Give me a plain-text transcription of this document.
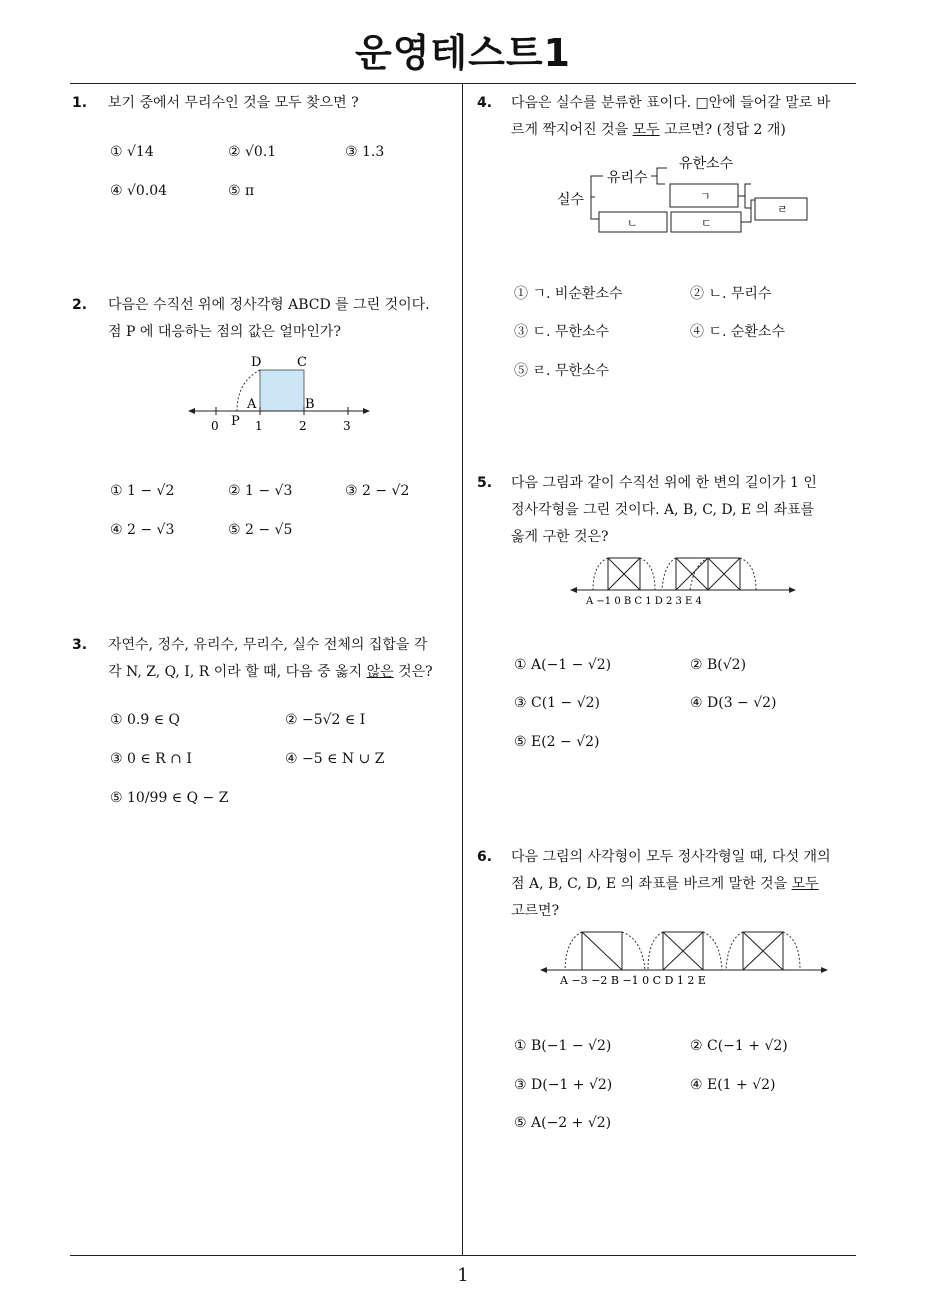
운영테스트1
1
1. 보기 중에서 무리수인 것을 모두 찾으면 ?
① √14	② √0.1	③ 1.3
④ √0.04	⑤ π
2. 다음은 수직선 위에 정사각형 ABCD 를 그린 것이다.
점 P 에 대응하는 점의 값은 얼마인가?
D	C
A	B
P
0	1	2	3
① 1 − √2	② 1 − √3	③ 2 − √2
④ 2 − √3	⑤ 2 − √5
3. 자연수, 정수, 유리수, 무리수, 실수 전체의 집합을 각
각 N, Z, Q, I, R 이라 할 때, 다음 중 옳지 않은 것은?
① 0.9̇ ∈ Q	② −5√2 ∈ I
③ 0 ∈ R ∩ I	④ −5 ∈ N ∪ Z
⑤ 10/99 ∈ Q − Z
4. 다음은 실수를 분류한 표이다. □안에 들어갈 말로 바
르게 짝지어진 것을 모두 고르면? (정답 2 개)
실수
유리수
유한소수
ㄱ
ㄴ	ㄷ
ㄹ
① ㄱ. 비순환소수	② ㄴ. 무리수
③ ㄷ. 무한소수	④ ㄷ. 순환소수
⑤ ㄹ. 무한소수
5. 다음 그림과 같이 수직선 위에 한 변의 길이가 1 인
정사각형을 그린 것이다. A, B, C, D, E 의 좌표를
옳게 구한 것은?
A −1 0 B C 1 D 2 3 E 4
① A(−1 − √2)	② B(√2)
③ C(1 − √2)	④ D(3 − √2)
⑤ E(2 − √2)
6. 다음 그림의 사각형이 모두 정사각형일 때, 다섯 개의
점 A, B, C, D, E 의 좌표를 바르게 말한 것을 모두
고르면?
A −3 −2 B −1 0 C D 1 2 E
① B(−1 − √2)	② C(−1 + √2)
③ D(−1 + √2)	④ E(1 + √2)
⑤ A(−2 + √2)
